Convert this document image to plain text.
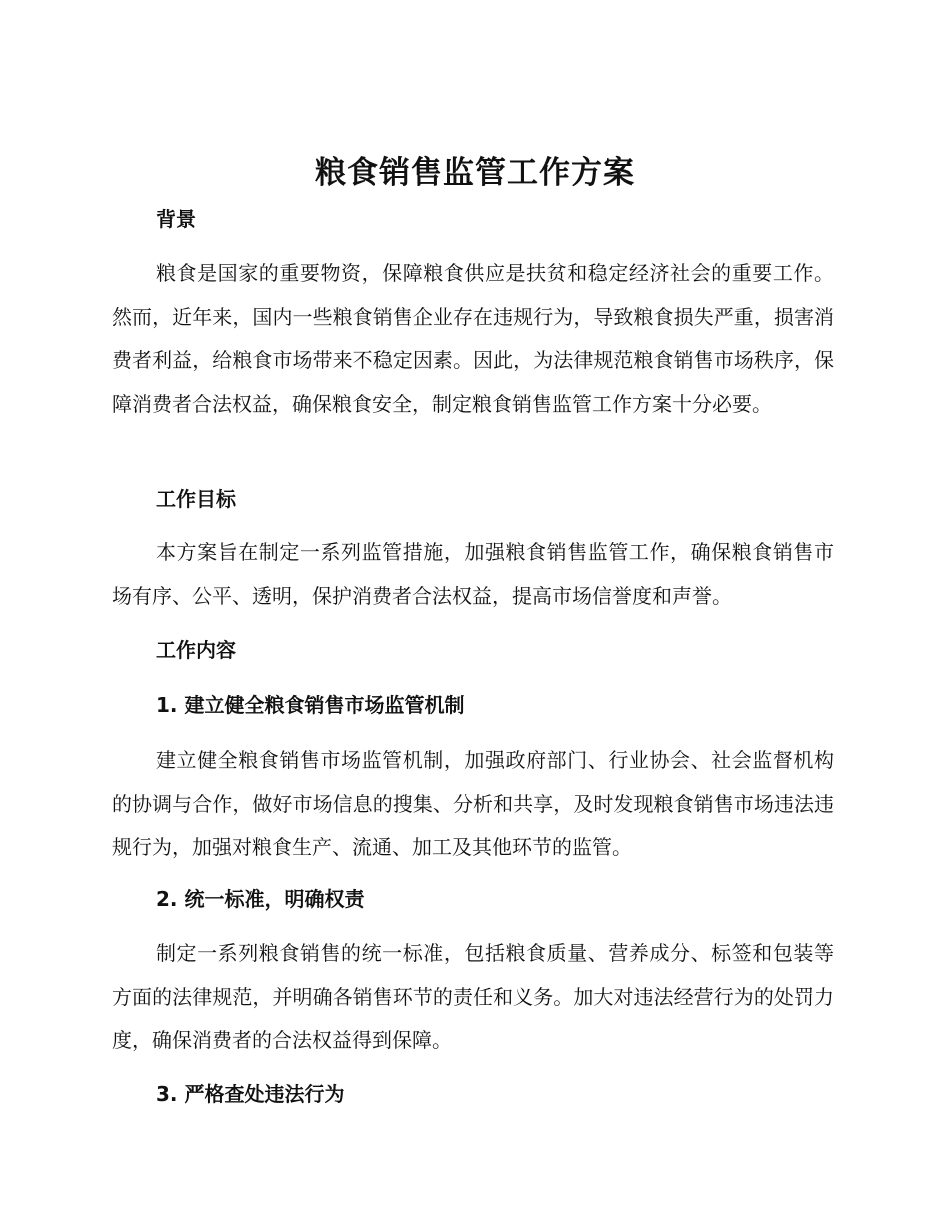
粮食销售监管工作方案
背景

粮食是国家的重要物资，保障粮食供应是扶贫和稳定经济社会的重要工作。然而，近年来，国内一些粮食销售企业存在违规行为，导致粮食损失严重，损害消费者利益，给粮食市场带来不稳定因素。因此，为法律规范粮食销售市场秩序，保障消费者合法权益，确保粮食安全，制定粮食销售监管工作方案十分必要。

工作目标

本方案旨在制定一系列监管措施，加强粮食销售监管工作，确保粮食销售市场有序、公平、透明，保护消费者合法权益，提高市场信誉度和声誉。

工作内容
1. 建立健全粮食销售市场监管机制

建立健全粮食销售市场监管机制，加强政府部门、行业协会、社会监督机构的协调与合作，做好市场信息的搜集、分析和共享，及时发现粮食销售市场违法违规行为，加强对粮食生产、流通、加工及其他环节的监管。

2. 统一标准，明确权责

制定一系列粮食销售的统一标准，包括粮食质量、营养成分、标签和包装等方面的法律规范，并明确各销售环节的责任和义务。加大对违法经营行为的处罚力度，确保消费者的合法权益得到保障。

3. 严格查处违法行为
